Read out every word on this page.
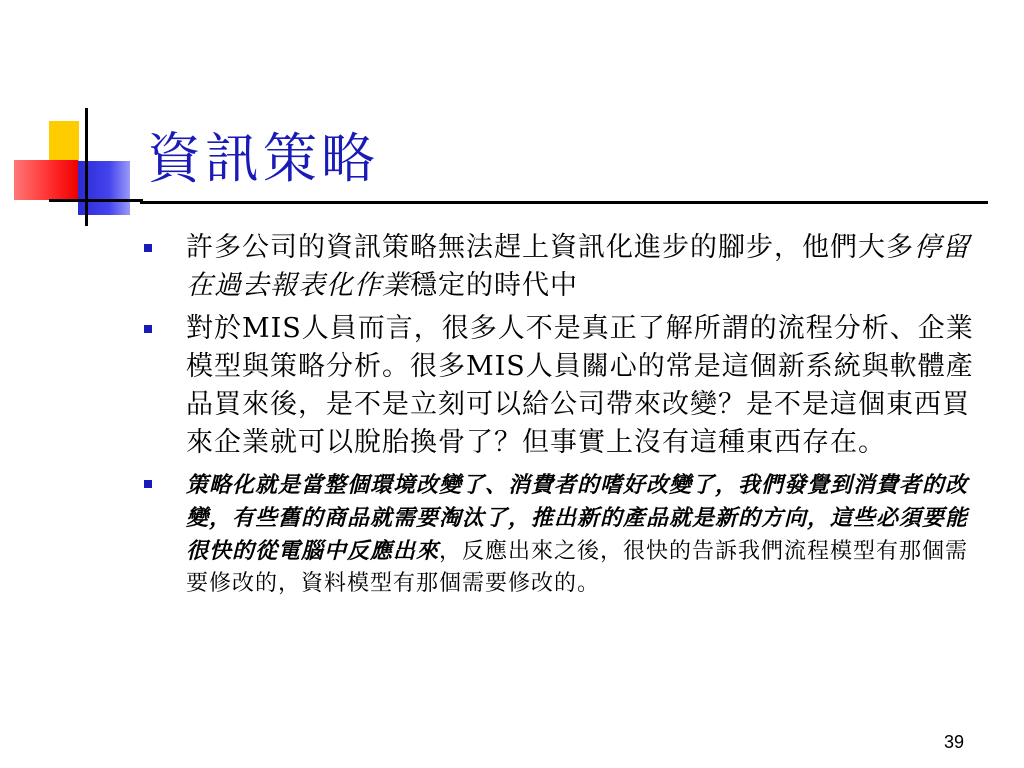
資訊策略
許多公司的資訊策略無法趕上資訊化進步的腳步，他們大多停留在過去報表化作業穩定的時代中
對於MIS人員而言，很多人不是真正了解所謂的流程分析、企業模型與策略分析。很多MIS人員關心的常是這個新系統與軟體產品買來後，是不是立刻可以給公司帶來改變？是不是這個東西買來企業就可以脫胎換骨了？但事實上沒有這種東西存在。
策略化就是當整個環境改變了、消費者的嗜好改變了，我們發覺到消費者的改變，有些舊的商品就需要淘汰了，推出新的產品就是新的方向，這些必須要能很快的從電腦中反應出來，反應出來之後，很快的告訴我們流程模型有那個需要修改的，資料模型有那個需要修改的。
39
